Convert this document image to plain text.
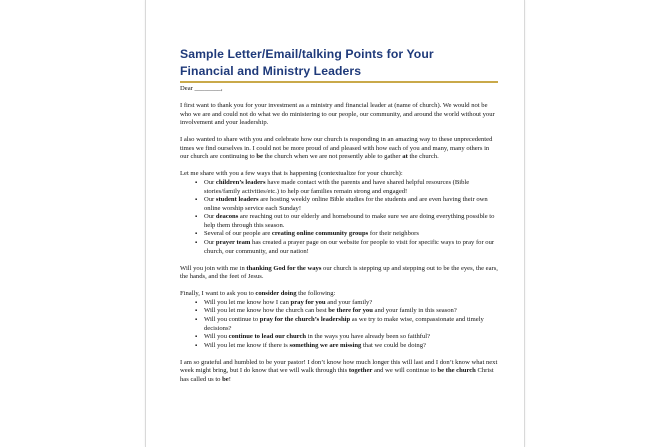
Sample Letter/Email/talking Points for Your
Financial and Ministry Leaders

Dear ________,

I first want to thank you for your investment as a ministry and financial leader at (name of church). We would not be who we are and could not do what we do ministering to our people, our community, and around the world without your involvement and your leadership.

I also wanted to share with you and celebrate how our church is responding in an amazing way to these unprecedented times we find ourselves in. I could not be more proud of and pleased with how each of you and many, many others in our church are continuing to be the church when we are not presently able to gather at the church.

Let me share with you a few ways that is happening (contextualize for your church):

▪ Our children’s leaders have made contact with the parents and have shared helpful resources (Bible stories/family activities/etc.) to help our families remain strong and engaged!
▪ Our student leaders are hosting weekly online Bible studies for the students and are even having their own online worship service each Sunday!
▪ Our deacons are reaching out to our elderly and homebound to make sure we are doing everything possible to help them through this season.
▪ Several of our people are creating online community groups for their neighbors
▪ Our prayer team has created a prayer page on our website for people to visit for specific ways to pray for our church, our community, and our nation!

Will you join with me in thanking God for the ways our church is stepping up and stepping out to be the eyes, the ears, the hands, and the feet of Jesus.

Finally, I want to ask you to consider doing the following:

▪ Will you let me know how I can pray for you and your family?
▪ Will you let me know how the church can best be there for you and your family in this season?
▪ Will you continue to pray for the church’s leadership as we try to make wise, compassionate and timely decisions?
▪ Will you continue to lead our church in the ways you have already been so faithful?
▪ Will you let me know if there is something we are missing that we could be doing?

I am so grateful and humbled to be your pastor! I don’t know how much longer this will last and I don’t know what next week might bring, but I do know that we will walk through this together and we will continue to be the church Christ has called us to be!
